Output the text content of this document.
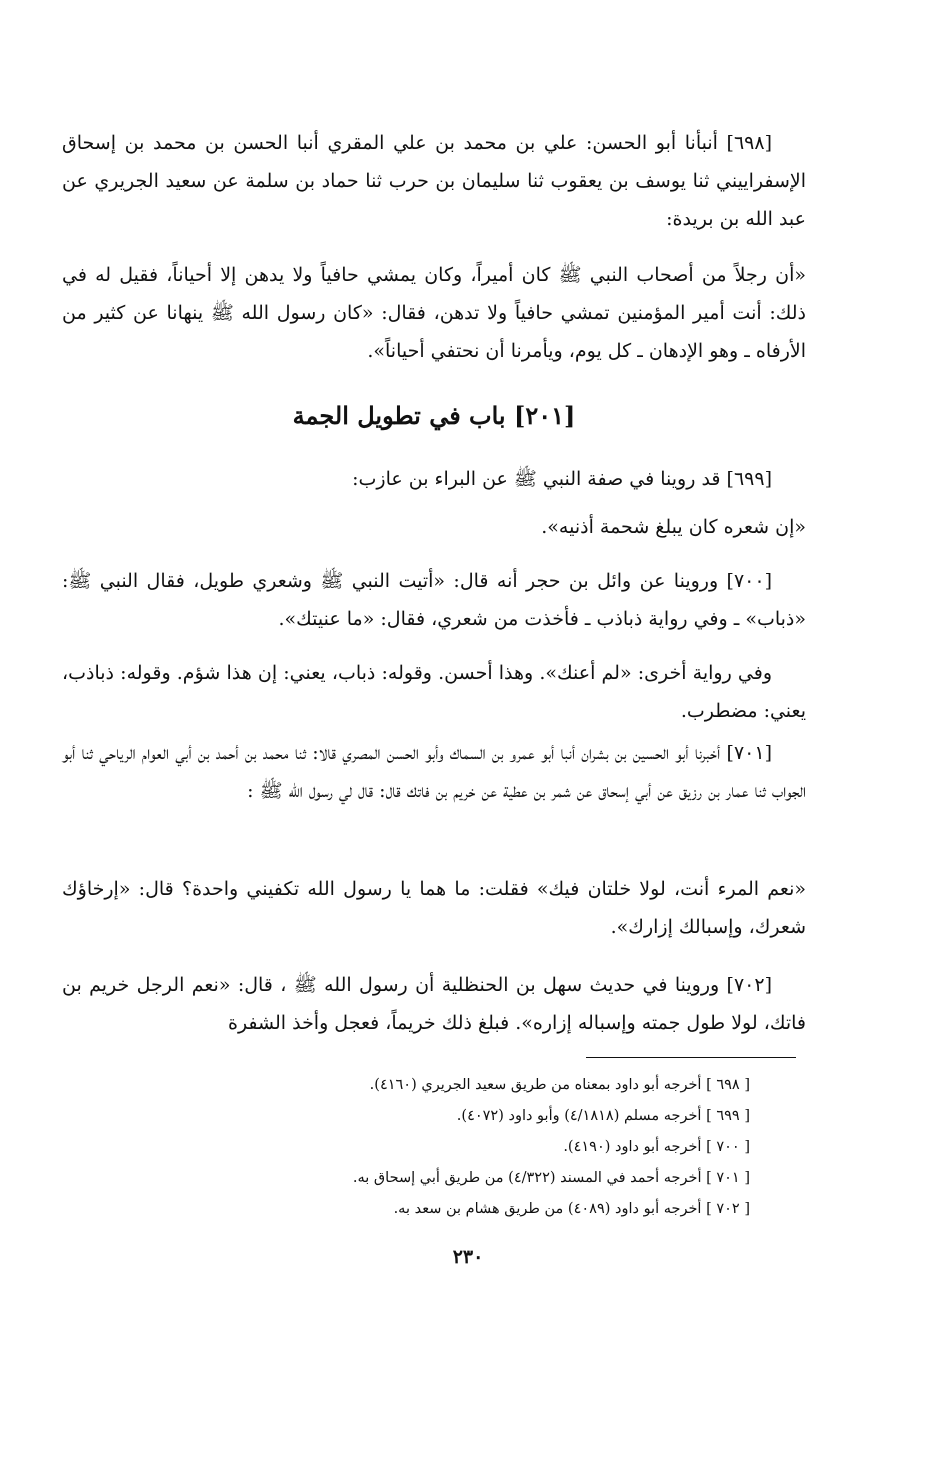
[٦٩٨] أنبأنا أبو الحسن: علي بن محمد بن علي المقري أنبا الحسن بن محمد بن إسحاق الإسفراييني ثنا يوسف بن يعقوب ثنا سليمان بن حرب ثنا حماد بن سلمة عن سعيد الجريري عن عبد الله بن بريدة:

«أن رجلاً من أصحاب النبي ﷺ كان أميراً، وكان يمشي حافياً ولا يدهن إلا أحياناً، فقيل له في ذلك: أنت أمير المؤمنين تمشي حافياً ولا تدهن، فقال: «كان رسول الله ﷺ ينهانا عن كثير من الأرفاه ـ وهو الإدهان ـ كل يوم، ويأمرنا أن نحتفي أحياناً».

[٢٠١] باب في تطويل الجمة

[٦٩٩] قد روينا في صفة النبي ﷺ عن البراء بن عازب:

«إن شعره كان يبلغ شحمة أذنيه».

[٧٠٠] وروينا عن وائل بن حجر أنه قال: «أتيت النبي ﷺ وشعري طويل، فقال النبي ﷺ: «ذباب» ـ وفي رواية ذباذب ـ فأخذت من شعري، فقال: «ما عنيتك».

وفي رواية أخرى: «لم أعنك». وهذا أحسن. وقوله: ذباب، يعني: إن هذا شؤم. وقوله: ذباذب، يعني: مضطرب.

[٧٠١] أخبرنا أبو الحسين بن بشران أنبا أبو عمرو بن السماك وأبو الحسن المصري قالا: ثنا محمد بن أحمد بن أبي العوام الرياحي ثنا أبو الجواب ثنا عمار بن رزيق عن أبي إسحاق عن شمر بن عطية عن خريم بن فاتك قال: قال لي رسول الله ﷺ :

«نعم المرء أنت، لولا خلتان فيك» فقلت: ما هما يا رسول الله تكفيني واحدة؟ قال: «إرخاؤك شعرك، وإسبالك إزارك».

[٧٠٢] وروينا في حديث سهل بن الحنظلية أن رسول الله ﷺ ، قال: «نعم الرجل خريم بن فاتك، لولا طول جمته وإسباله إزاره». فبلغ ذلك خريماً، فعجل وأخذ الشفرة

[ ٦٩٨ ] أخرجه أبو داود بمعناه من طريق سعيد الجريري (٤١٦٠).
[ ٦٩٩ ] أخرجه مسلم (٤/١٨١٨) وأبو داود (٤٠٧٢).
[ ٧٠٠ ] أخرجه أبو داود (٤١٩٠).
[ ٧٠١ ] أخرجه أحمد في المسند (٤/٣٢٢) من طريق أبي إسحاق به.
[ ٧٠٢ ] أخرجه أبو داود (٤٠٨٩) من طريق هشام بن سعد به.
٢٣٠
